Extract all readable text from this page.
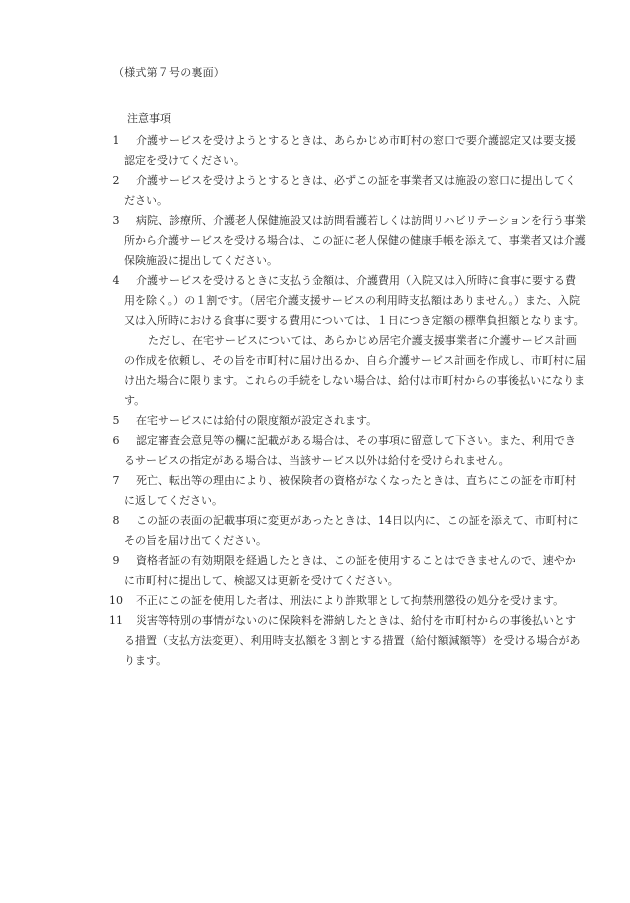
（様式第７号の裏面）
注意事項
1	介護サービスを受けようとするときは、あらかじめ市町村の窓口で要介護認定又は要支援認定を受けてください。
2	介護サービスを受けようとするときは、必ずこの証を事業者又は施設の窓口に提出してください。
3	病院、診療所、介護老人保健施設又は訪問看護若しくは訪問リハビリテーションを行う事業所から介護サービスを受ける場合は、この証に老人保健の健康手帳を添えて、事業者又は介護保険施設に提出してください。
4	介護サービスを受けるときに支払う金額は、介護費用（入院又は入所時に食事に要する費用を除く。）の１割です。（居宅介護支援サービスの利用時支払額はありません。）また、入院又は入所時における食事に要する費用については、１日につき定額の標準負担額となります。
ただし、在宅サービスについては、あらかじめ居宅介護支援事業者に介護サービス計画の作成を依頼し、その旨を市町村に届け出るか、自ら介護サービス計画を作成し、市町村に届け出た場合に限ります。これらの手続をしない場合は、給付は市町村からの事後払いになります。
5	在宅サービスには給付の限度額が設定されます。
6	認定審査会意見等の欄に記載がある場合は、その事項に留意して下さい。また、利用できるサービスの指定がある場合は、当該サービス以外は給付を受けられません。
7	死亡、転出等の理由により、被保険者の資格がなくなったときは、直ちにこの証を市町村に返してください。
8	この証の表面の記載事項に変更があったときは、14日以内に、この証を添えて、市町村にその旨を届け出てください。
9	資格者証の有効期限を経過したときは、この証を使用することはできませんので、速やかに市町村に提出して、検認又は更新を受けてください。
10	不正にこの証を使用した者は、刑法により詐欺罪として拘禁刑懲役の処分を受けます。
11	災害等特別の事情がないのに保険料を滞納したときは、給付を市町村からの事後払いとする措置（支払方法変更）、利用時支払額を３割とする措置（給付額減額等）を受ける場合があります。
